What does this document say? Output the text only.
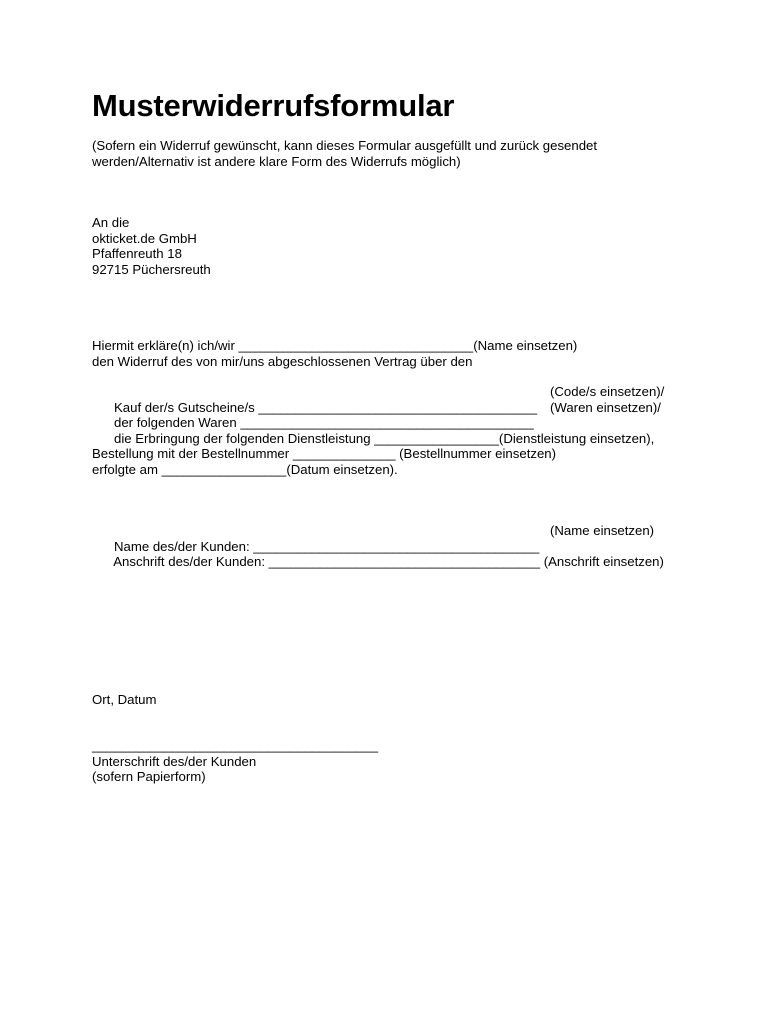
Musterwiderrufsformular
(Sofern ein Widerruf gewünscht, kann dieses Formular ausgefüllt und zurück gesendet
werden/Alternativ ist andere klare Form des Widerrufs möglich)
An die
okticket.de GmbH
Pfaffenreuth 18
92715 Püchersreuth
Hiermit erkläre(n) ich/wir ________________________________(Name einsetzen)
den Widerruf des von mir/uns abgeschlossenen Vertrag über den

Kauf der/s Gutscheine/s ______________________________________

(Code/s einsetzen)/

der folgenden Waren ________________________________________

(Waren einsetzen)/

die Erbringung der folgenden Dienstleistung _________________(Dienstleistung einsetzen),

Bestellung mit der Bestellnummer ______________ (Bestellnummer einsetzen)
erfolgte am _________________(Datum einsetzen).

Name des/der Kunden: _______________________________________

(Name einsetzen)

Anschrift des/der Kunden: _____________________________________ (Anschrift einsetzen)

Ort, Datum
_______________________________________
Unterschrift des/der Kunden
(sofern Papierform)
